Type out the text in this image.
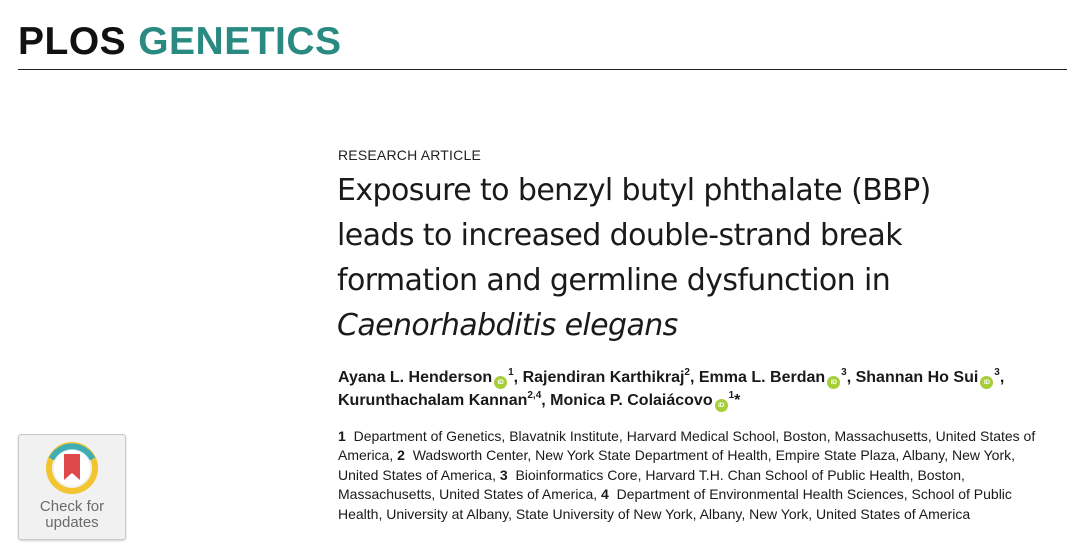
PLOS GENETICS
RESEARCH ARTICLE
Exposure to benzyl butyl phthalate (BBP)
leads to increased double-strand break
formation and germline dysfunction in
Caenorhabditis elegans
Ayana L. Henderson $iD^1$, Rajendiran Karthikraj$^2$, Emma L. Berdan $iD^3$, Shannan Ho Sui $iD^3$,
Kurunthachalam Kannan$^{2,4}$, Monica P. Colaiácovo $iD^1*$
1 Department of Genetics, Blavatnik Institute, Harvard Medical School, Boston, Massachusetts, United States of America, 2 Wadsworth Center, New York State Department of Health, Empire State Plaza, Albany, New York, United States of America, 3 Bioinformatics Core, Harvard T.H. Chan School of Public Health, Boston, Massachusetts, United States of America, 4 Department of Environmental Health Sciences, School of Public Health, University at Albany, State University of New York, Albany, New York, United States of America
Check for
updates
